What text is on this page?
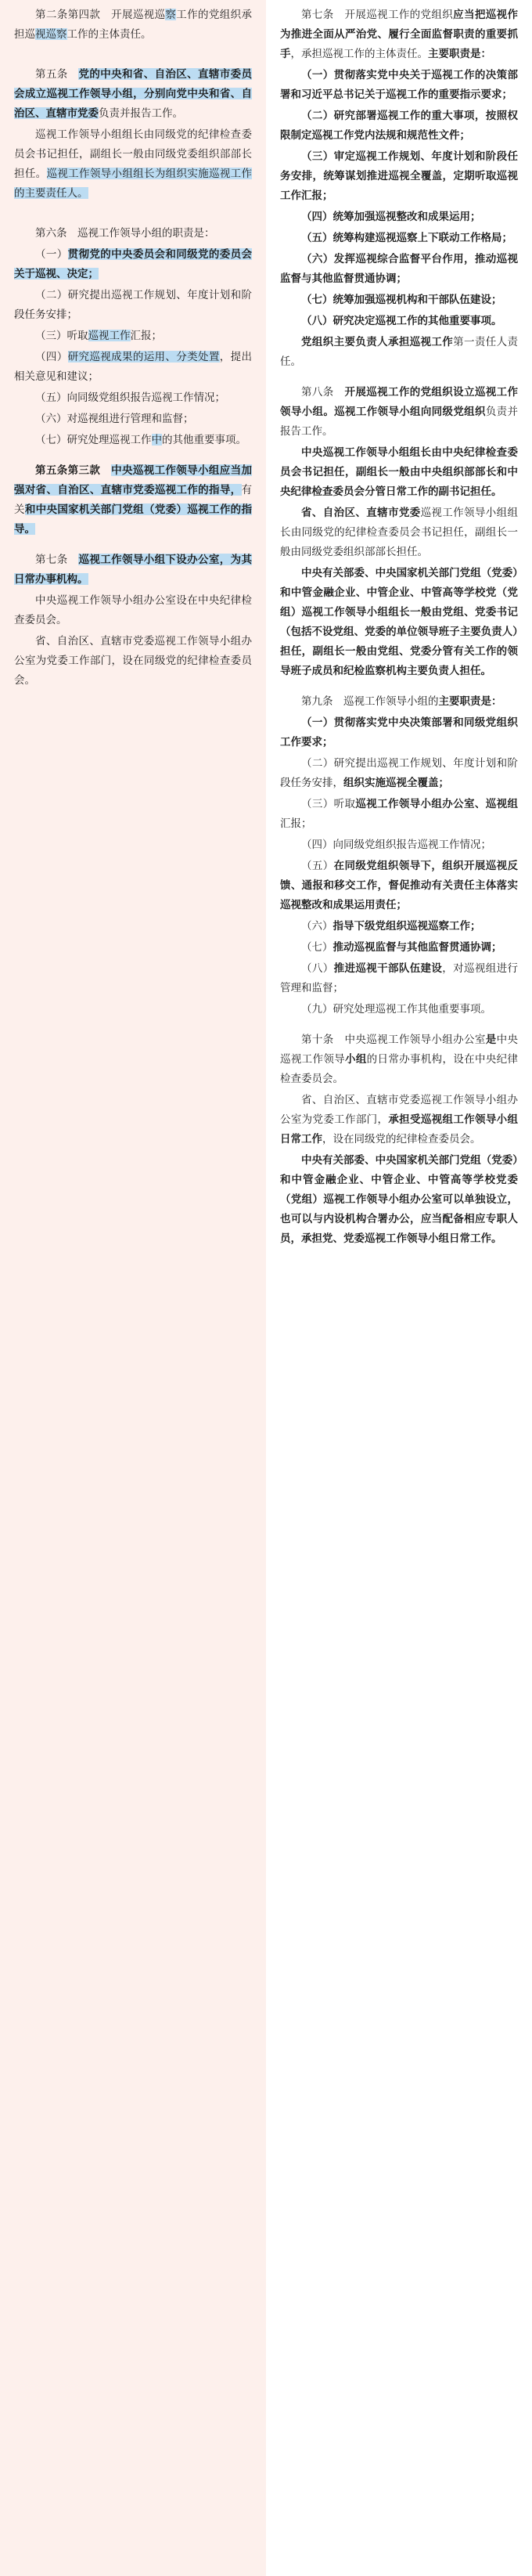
第二条第四款　开展巡视巡察工作的党组织承担巡视巡察工作的主体责任。

第五条　党的中央和省、自治区、直辖市委员会成立巡视工作领导小组，分别向党中央和省、自治区、直辖市党委负责并报告工作。

巡视工作领导小组组长由同级党的纪律检查委员会书记担任，副组长一般由同级党委组织部部长担任。巡视工作领导小组组长为组织实施巡视工作的主要责任人。

第六条　巡视工作领导小组的职责是：

（一）贯彻党的中央委员会和同级党的委员会关于巡视、决定；

（二）研究提出巡视工作规划、年度计划和阶段任务安排；

（三）听取巡视工作汇报；

（四）研究巡视成果的运用、分类处置，提出相关意见和建议；

（五）向同级党组织报告巡视工作情况；

（六）对巡视组进行管理和监督；

（七）研究处理巡视工作中的其他重要事项。

第五条第三款　中央巡视工作领导小组应当加强对省、自治区、直辖市党委巡视工作的指导，有关和中央国家机关部门党组（党委）巡视工作的指导。

第七条　巡视工作领导小组下设办公室，为其日常办事机构。

中央巡视工作领导小组办公室设在中央纪律检查委员会。

省、自治区、直辖市党委巡视工作领导小组办公室为党委工作部门，设在同级党的纪律检查委员会。

第七条　开展巡视工作的党组织应当把巡视作为推进全面从严治党、履行全面监督职责的重要抓手，承担巡视工作的主体责任。主要职责是：

（一）贯彻落实党中央关于巡视工作的决策部署和习近平总书记关于巡视工作的重要指示要求；

（二）研究部署巡视工作的重大事项，按照权限制定巡视工作党内法规和规范性文件；

（三）审定巡视工作规划、年度计划和阶段任务安排，统筹谋划推进巡视全覆盖，定期听取巡视工作汇报；

（四）统筹加强巡视整改和成果运用；

（五）统筹构建巡视巡察上下联动工作格局；

（六）发挥巡视综合监督平台作用，推动巡视监督与其他监督贯通协调；

（七）统筹加强巡视机构和干部队伍建设；

（八）研究决定巡视工作的其他重要事项。

党组织主要负责人承担巡视工作第一责任人责任。

第八条　开展巡视工作的党组织设立巡视工作领导小组。巡视工作领导小组向同级党组织负责并报告工作。

中央巡视工作领导小组组长由中央纪律检查委员会书记担任，副组长一般由中央组织部部长和中央纪律检查委员会分管日常工作的副书记担任。

省、自治区、直辖市党委巡视工作领导小组组长由同级党的纪律检查委员会书记担任，副组长一般由同级党委组织部部长担任。

中央有关部委、中央国家机关部门党组（党委）和中管金融企业、中管企业、中管高等学校党（党组）巡视工作领导小组组长一般由党组、党委书记（包括不设党组、党委的单位领导班子主要负责人）担任，副组长一般由党组、党委分管有关工作的领导班子成员和纪检监察机构主要负责人担任。

第九条　巡视工作领导小组的主要职责是：

（一）贯彻落实党中央决策部署和同级党组织工作要求；

（二）研究提出巡视工作规划、年度计划和阶段任务安排，组织实施巡视全覆盖；

（三）听取巡视工作领导小组办公室、巡视组汇报；

（四）向同级党组织报告巡视工作情况；

（五）在同级党组织领导下，组织开展巡视反馈、通报和移交工作，督促推动有关责任主体落实巡视整改和成果运用责任；

（六）指导下级党组织巡视巡察工作；

（七）推动巡视监督与其他监督贯通协调；

（八）推进巡视干部队伍建设，对巡视组进行管理和监督；

（九）研究处理巡视工作其他重要事项。

第十条　中央巡视工作领导小组办公室是中央巡视工作领导小组的日常办事机构，设在中央纪律检查委员会。

省、自治区、直辖市党委巡视工作领导小组办公室为党委工作部门，承担受巡视组工作领导小组日常工作，设在同级党的纪律检查委员会。

中央有关部委、中央国家机关部门党组（党委）和中管金融企业、中管企业、中管高等学校党委（党组）巡视工作领导小组办公室可以单独设立，也可以与内设机构合署办公，应当配备相应专职人员，承担党、党委巡视工作领导小组日常工作。
